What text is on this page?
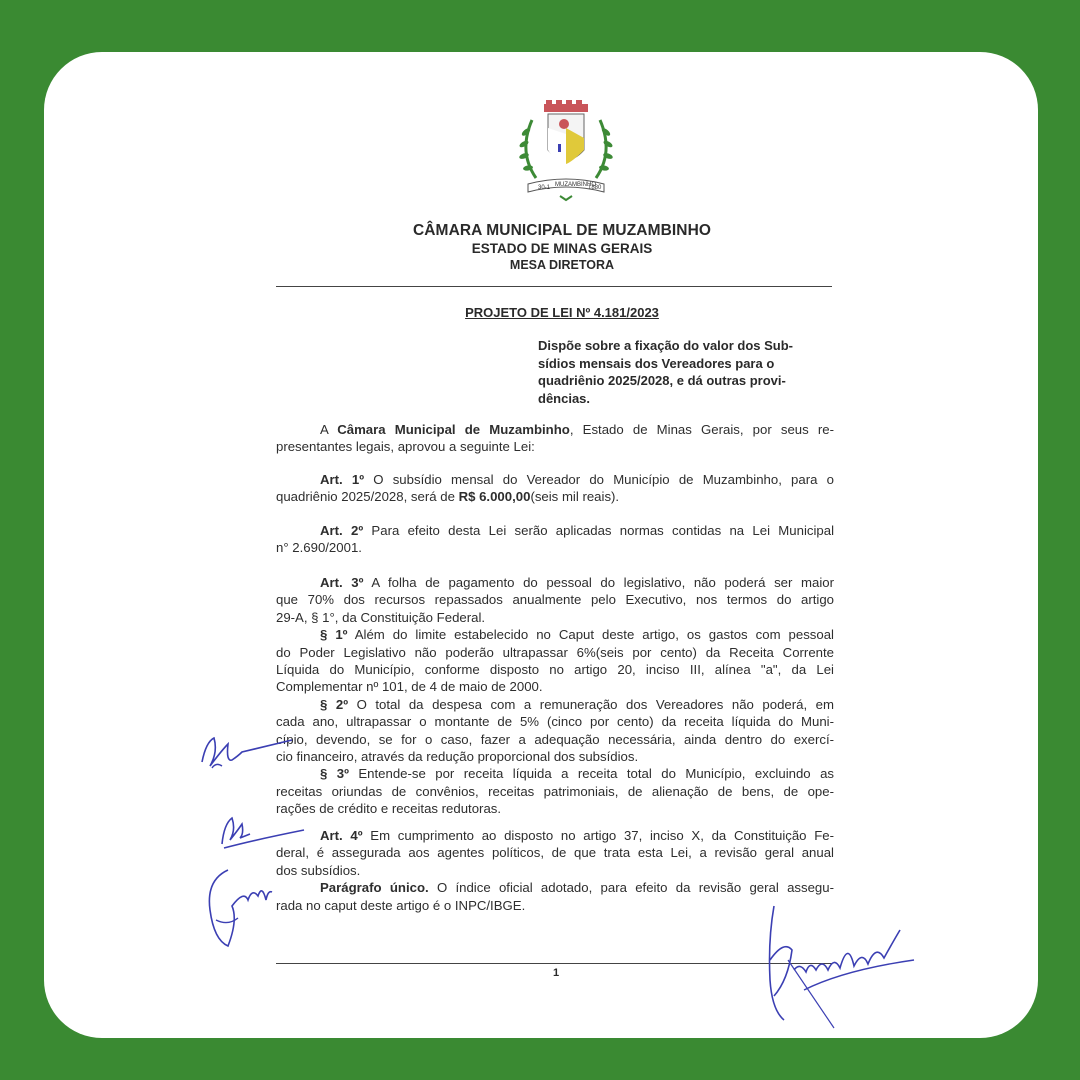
30-1 MUZAMBINHO
1880
CÂMARA MUNICIPAL DE MUZAMBINHO
ESTADO DE MINAS GERAIS
MESA DIRETORA
PROJETO DE LEI Nº 4.181/2023
Dispõe sobre a fixação do valor dos Sub-
sídios mensais dos Vereadores para o
quadriênio 2025/2028, e dá outras provi-
dências.
A Câmara Municipal de Muzambinho, Estado de Minas Gerais, por seus re-
presentantes legais, aprovou a seguinte Lei:
Art. 1º O subsídio mensal do Vereador do Município de Muzambinho, para o
quadriênio 2025/2028, será de R$ 6.000,00(seis mil reais).
Art. 2º Para efeito desta Lei serão aplicadas normas contidas na Lei Municipal
n° 2.690/2001.
Art. 3º A folha de pagamento do pessoal do legislativo, não poderá ser maior
que 70% dos recursos repassados anualmente pelo Executivo, nos termos do artigo
29-A, § 1°, da Constituição Federal.
§ 1º Além do limite estabelecido no Caput deste artigo, os gastos com pessoal
do Poder Legislativo não poderão ultrapassar 6%(seis por cento) da Receita Corrente
Líquida do Município, conforme disposto no artigo 20, inciso III, alínea "a", da Lei
Complementar nº 101, de 4 de maio de 2000.
§ 2º O total da despesa com a remuneração dos Vereadores não poderá, em
cada ano, ultrapassar o montante de 5% (cinco por cento) da receita líquida do Muni-
cípio, devendo, se for o caso, fazer a adequação necessária, ainda dentro do exercí-
cio financeiro, através da redução proporcional dos subsídios.
§ 3º Entende-se por receita líquida a receita total do Município, excluindo as
receitas oriundas de convênios, receitas patrimoniais, de alienação de bens, de ope-
rações de crédito e receitas redutoras.
Art. 4º Em cumprimento ao disposto no artigo 37, inciso X, da Constituição Fe-
deral, é assegurada aos agentes políticos, de que trata esta Lei, a revisão geral anual
dos subsídios.
Parágrafo único. O índice oficial adotado, para efeito da revisão geral assegu-
rada no caput deste artigo é o INPC/IBGE.
1
